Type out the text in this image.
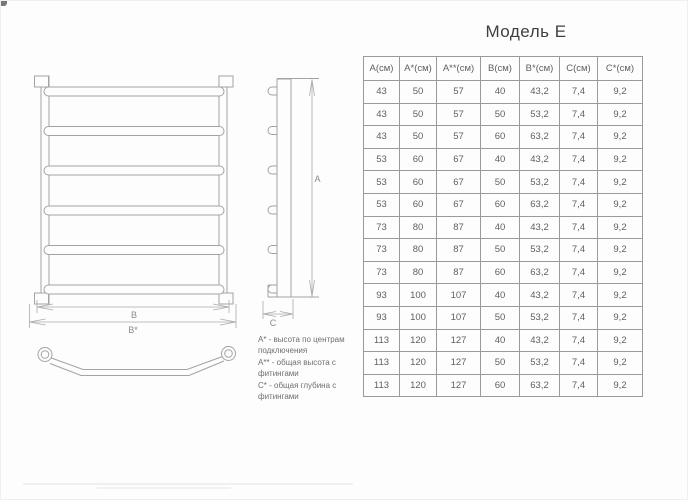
В
В*
А
С
Модель Е
А(см)	А*(см)	А**(см)	В(см)	В*(см)	С(см)	С*(см)
43	50	57	40	43,2	7,4	9,2
43	50	57	50	53,2	7,4	9,2
43	50	57	60	63,2	7,4	9,2
53	60	67	40	43,2	7,4	9,2
53	60	67	50	53,2	7,4	9,2
53	60	67	60	63,2	7,4	9,2
73	80	87	40	43,2	7,4	9,2
73	80	87	50	53,2	7,4	9,2
73	80	87	60	63,2	7,4	9,2
93	100	107	40	43,2	7,4	9,2
93	100	107	50	53,2	7,4	9,2
113	120	127	40	43,2	7,4	9,2
113	120	127	50	53,2	7,4	9,2
113	120	127	60	63,2	7,4	9,2

А* - высота по центрам подключения

А** - общая высота с фитингами

С* - общая глубина с фитингами
